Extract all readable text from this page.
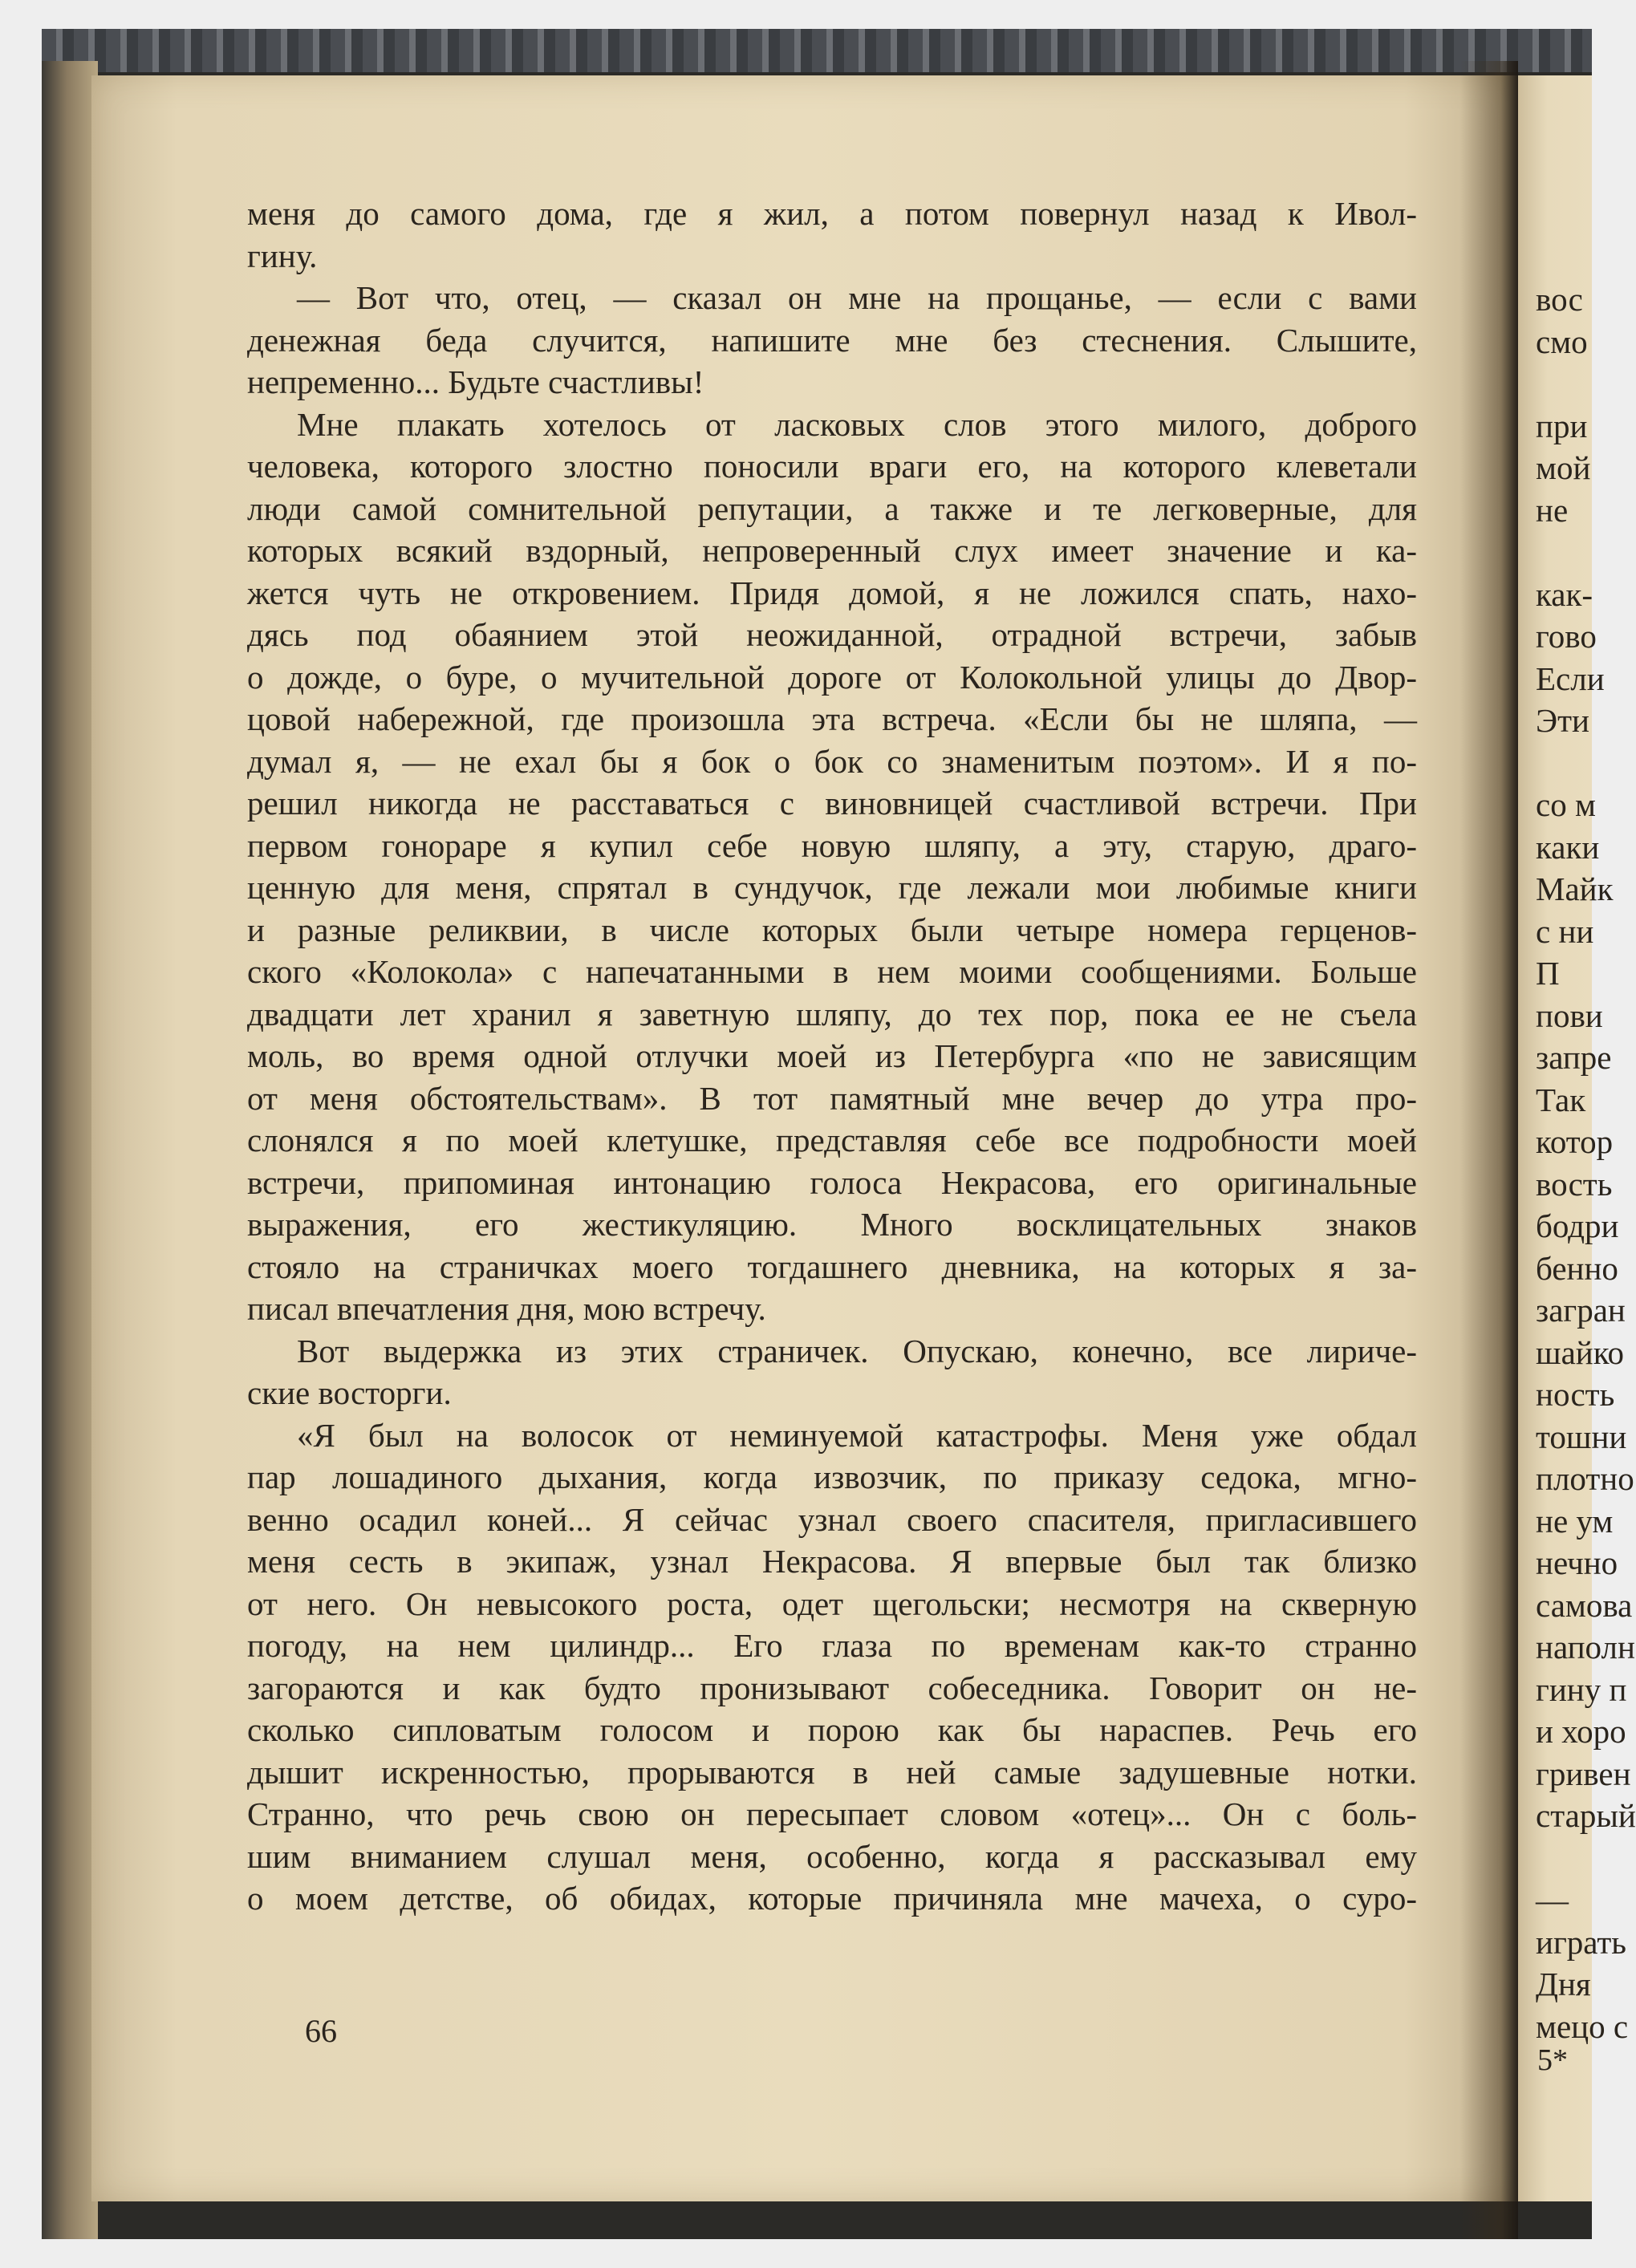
вос
смо
при
мой
не
как-
гово
Если
Эти
со м
каки
Майк
с ни
П
пови
запре
Так
котор
вость
бодри
бенно
загран
шайко
ность
тошни
плотно
не ум
нечно
самова
наполн
гину п
и хоро
гривен
старый
—
играть
Дня
мецо с
5*
меня до самого дома, где я жил, а потом повернул назад к Ивол-
гину.
— Вот что, отец, — сказал он мне на прощанье, — если с вами
денежная беда случится, напишите мне без стеснения. Слышите,
непременно... Будьте счастливы!
Мне плакать хотелось от ласковых слов этого милого, доброго
человека, которого злостно поносили враги его, на которого клеветали
люди самой сомнительной репутации, а также и те легковерные, для
которых всякий вздорный, непроверенный слух имеет значение и ка-
жется чуть не откровением. Придя домой, я не ложился спать, нахо-
дясь под обаянием этой неожиданной, отрадной встречи, забыв
о дожде, о буре, о мучительной дороге от Колокольной улицы до Двор-
цовой набережной, где произошла эта встреча. «Если бы не шляпа, —
думал я, — не ехал бы я бок о бок со знаменитым поэтом». И я по-
решил никогда не расставаться с виновницей счастливой встречи. При
первом гонораре я купил себе новую шляпу, а эту, старую, драго-
ценную для меня, спрятал в сундучок, где лежали мои любимые книги
и разные реликвии, в числе которых были четыре номера герценов-
ского «Колокола» с напечатанными в нем моими сообщениями. Больше
двадцати лет хранил я заветную шляпу, до тех пор, пока ее не съела
моль, во время одной отлучки моей из Петербурга «по не зависящим
от меня обстоятельствам». В тот памятный мне вечер до утра про-
слонялся я по моей клетушке, представляя себе все подробности моей
встречи, припоминая интонацию голоса Некрасова, его оригинальные
выражения, его жестикуляцию. Много восклицательных знаков
стояло на страничках моего тогдашнего дневника, на которых я за-
писал впечатления дня, мою встречу.
Вот выдержка из этих страничек. Опускаю, конечно, все лириче-
ские восторги.
«Я был на волосок от неминуемой катастрофы. Меня уже обдал
пар лошадиного дыхания, когда извозчик, по приказу седока, мгно-
венно осадил коней... Я сейчас узнал своего спасителя, пригласившего
меня сесть в экипаж, узнал Некрасова. Я впервые был так близко
от него. Он невысокого роста, одет щегольски; несмотря на скверную
погоду, на нем цилиндр... Его глаза по временам как-то странно
загораются и как будто пронизывают собеседника. Говорит он не-
сколько сипловатым голосом и порою как бы нараспев. Речь его
дышит искренностью, прорываются в ней самые задушевные нотки.
Странно, что речь свою он пересыпает словом «отец»... Он с боль-
шим вниманием слушал меня, особенно, когда я рассказывал ему
о моем детстве, об обидах, которые причиняла мне мачеха, о суро-
66
